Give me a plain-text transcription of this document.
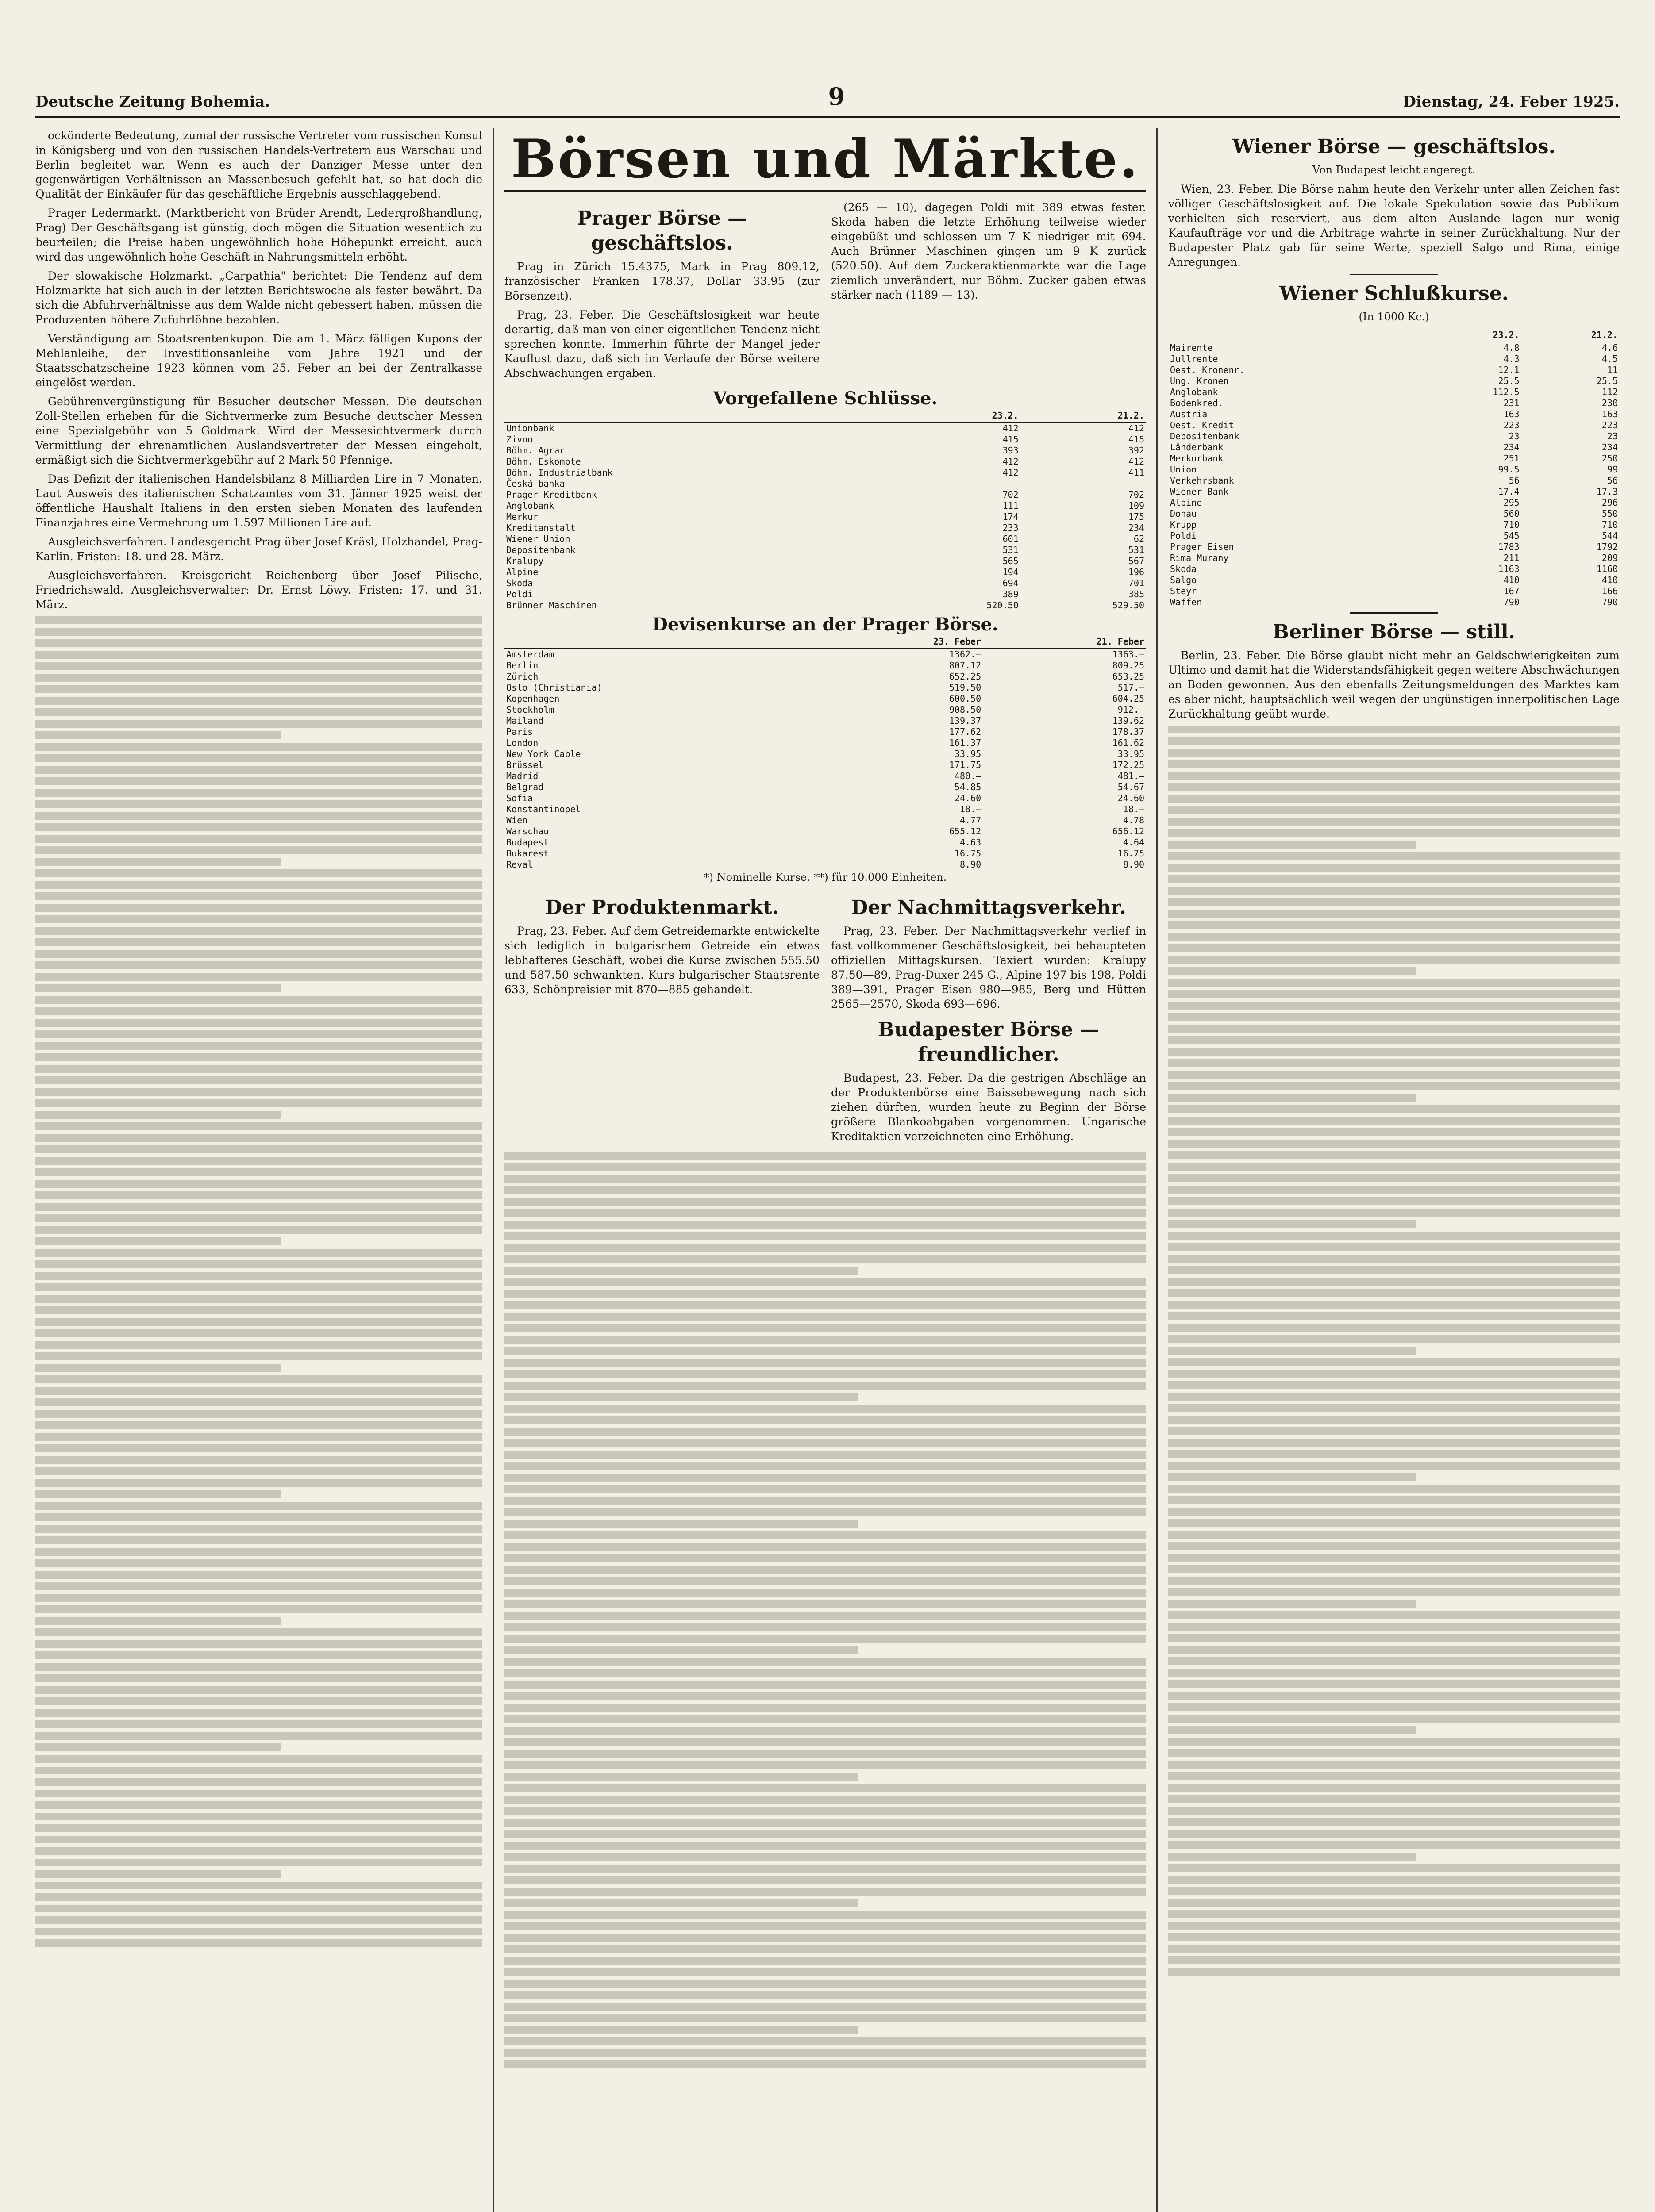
Deutsche Zeitung Bohemia.	9	Dienstag, 24. Feber 1925.

ockönderte Bedeutung, zumal der russische Vertreter vom russischen Konsul in Königsberg und von den russischen Handels-Vertretern aus Warschau und Berlin begleitet war. Wenn es auch der Danziger Messe unter den gegenwärtigen Verhältnissen an Massenbesuch gefehlt hat, so hat doch die Qualität der Einkäufer für das geschäftliche Ergebnis ausschlaggebend.

Prager Ledermarkt. (Marktbericht von Brüder Arendt, Ledergroßhandlung, Prag) Der Geschäftsgang ist günstig, doch mögen die Situation wesentlich zu beurteilen; die Preise haben ungewöhnlich hohe Höhepunkt erreicht, auch wird das ungewöhnlich hohe Geschäft in Nahrungsmitteln erhöht.

Der slowakische Holzmarkt. „Carpathia" berichtet: Die Tendenz auf dem Holzmarkte hat sich auch in der letzten Berichtswoche als fester bewährt. Da sich die Abfuhrverhältnisse aus dem Walde nicht gebessert haben, müssen die Produzenten höhere Zufuhrlöhne bezahlen.

Verständigung am Stoatsrentenkupon. Die am 1. März fälligen Kupons der Mehlanleihe, der Investitionsanleihe vom Jahre 1921 und der Staatsschatzscheine 1923 können vom 25. Feber an bei der Zentralkasse eingelöst werden.

Gebührenvergünstigung für Besucher deutscher Messen. Die deutschen Zoll-Stellen erheben für die Sichtvermerke zum Besuche deutscher Messen eine Spezialgebühr von 5 Goldmark. Wird der Messesichtvermerk durch Vermittlung der ehrenamtlichen Auslandsvertreter der Messen eingeholt, ermäßigt sich die Sichtvermerkgebühr auf 2 Mark 50 Pfennige.

Das Defizit der italienischen Handelsbilanz 8 Milliarden Lire in 7 Monaten. Laut Ausweis des italienischen Schatzamtes vom 31. Jänner 1925 weist der öffentliche Haushalt Italiens in den ersten sieben Monaten des laufenden Finanzjahres eine Vermehrung um 1.597 Millionen Lire auf.

Ausgleichsverfahren. Landesgericht Prag über Josef Kräsl, Holzhandel, Prag-Karlin. Fristen: 18. und 28. März.

Ausgleichsverfahren. Kreisgericht Reichenberg über Josef Pilische, Friedrichswald. Ausgleichsverwalter: Dr. Ernst Löwy. Fristen: 17. und 31. März.

Börsen und Märkte.
Prager Börse — geschäftslos.

Prag in Zürich 15.4375, Mark in Prag 809.12, französischer Franken 178.37, Dollar 33.95 (zur Börsenzeit).

Prag, 23. Feber. Die Geschäftslosigkeit war heute derartig, daß man von einer eigentlichen Tendenz nicht sprechen konnte. Immerhin führte der Mangel jeder Kauflust dazu, daß sich im Verlaufe der Börse weitere Abschwächungen ergaben.

(265 — 10), dagegen Poldi mit 389 etwas fester. Skoda haben die letzte Erhöhung teilweise wieder eingebüßt und schlossen um 7 K niedriger mit 694. Auch Brünner Maschinen gingen um 9 K zurück (520.50). Auf dem Zuckeraktienmarkte war die Lage ziemlich unverändert, nur Böhm. Zucker gaben etwas stärker nach (1189 — 13).

Vorgefallene Schlüsse.
	23.2.	21.2.
Unionbank	412	412
Zivno	415	415
Böhm. Agrar	393	392
Böhm. Eskompte	412	412
Böhm. Industrialbank	412	411
Česká banka	—	—
Prager Kreditbank	702	702
Anglobank	111	109
Merkur	174	175
Kreditanstalt	233	234
Wiener Union	601	62
Depositenbank	531	531
Kralupy	565	567
Alpine	194	196
Skoda	694	701
Poldi	389	385
Brünner Maschinen	520.50	529.50
Devisenkurse an der Prager Börse.
	23. Feber	21. Feber
Amsterdam	1362.—	1363.—
Berlin	807.12	809.25
Zürich	652.25	653.25
Oslo (Christiania)	519.50	517.—
Kopenhagen	600.50	604.25
Stockholm	908.50	912.—
Mailand	139.37	139.62
Paris	177.62	178.37
London	161.37	161.62
New York Cable	33.95	33.95
Brüssel	171.75	172.25
Madrid	480.—	481.—
Belgrad	54.85	54.67
Sofia	24.60	24.60
Konstantinopel	18.—	18.—
Wien	4.77	4.78
Warschau	655.12	656.12
Budapest	4.63	4.64
Bukarest	16.75	16.75
Reval	8.90	8.90
*) Nominelle Kurse. **) für 10.000 Einheiten.
Der Produktenmarkt.

Prag, 23. Feber. Auf dem Getreidemarkte entwickelte sich lediglich in bulgarischem Getreide ein etwas lebhafteres Geschäft, wobei die Kurse zwischen 555.50 und 587.50 schwankten. Kurs bulgarischer Staatsrente 633, Schönpreisier mit 870—885 gehandelt.

Der Nachmittagsverkehr.

Prag, 23. Feber. Der Nachmittagsverkehr verlief in fast vollkommener Geschäftslosigkeit, bei behaupteten offiziellen Mittagskursen. Taxiert wurden: Kralupy 87.50—89, Prag-Duxer 245 G., Alpine 197 bis 198, Poldi 389—391, Prager Eisen 980—985, Berg und Hütten 2565—2570, Skoda 693—696.

Budapester Börse — freundlicher.

Budapest, 23. Feber. Da die gestrigen Abschläge an der Produktenbörse eine Baissebewegung nach sich ziehen dürften, wurden heute zu Beginn der Börse größere Blankoabgaben vorgenommen. Ungarische Kreditaktien verzeichneten eine Erhöhung.

Wiener Börse — geschäftslos.
Von Budapest leicht angeregt.

Wien, 23. Feber. Die Börse nahm heute den Verkehr unter allen Zeichen fast völliger Geschäftslosigkeit auf. Die lokale Spekulation sowie das Publikum verhielten sich reserviert, aus dem alten Auslande lagen nur wenig Kaufaufträge vor und die Arbitrage wahrte in seiner Zurückhaltung. Nur der Budapester Platz gab für seine Werte, speziell Salgo und Rima, einige Anregungen.

Wiener Schlußkurse.
(In 1000 Kc.)
	23.2.	21.2.
Mairente	4.8	4.6
Jullrente	4.3	4.5
Oest. Kronenr.	12.1	11
Ung. Kronen	25.5	25.5
Anglobank	112.5	112
Bodenkred.	231	230
Austria	163	163
Oest. Kredit	223	223
Depositenbank	23	23
Länderbank	234	234
Merkurbank	251	250
Union	99.5	99
Verkehrsbank	56	56
Wiener Bank	17.4	17.3
Alpine	295	296
Donau	560	550
Krupp	710	710
Poldi	545	544
Prager Eisen	1783	1792
Rima Murany	211	209
Skoda	1163	1160
Salgo	410	410
Steyr	167	166
Waffen	790	790
Berliner Börse — still.

Berlin, 23. Feber. Die Börse glaubt nicht mehr an Geldschwierigkeiten zum Ultimo und damit hat die Widerstandsfähigkeit gegen weitere Abschwächungen an Boden gewonnen. Aus den ebenfalls Zeitungsmeldungen des Marktes kam es aber nicht, hauptsächlich weil wegen der ungünstigen innerpolitischen Lage Zurückhaltung geübt wurde.
